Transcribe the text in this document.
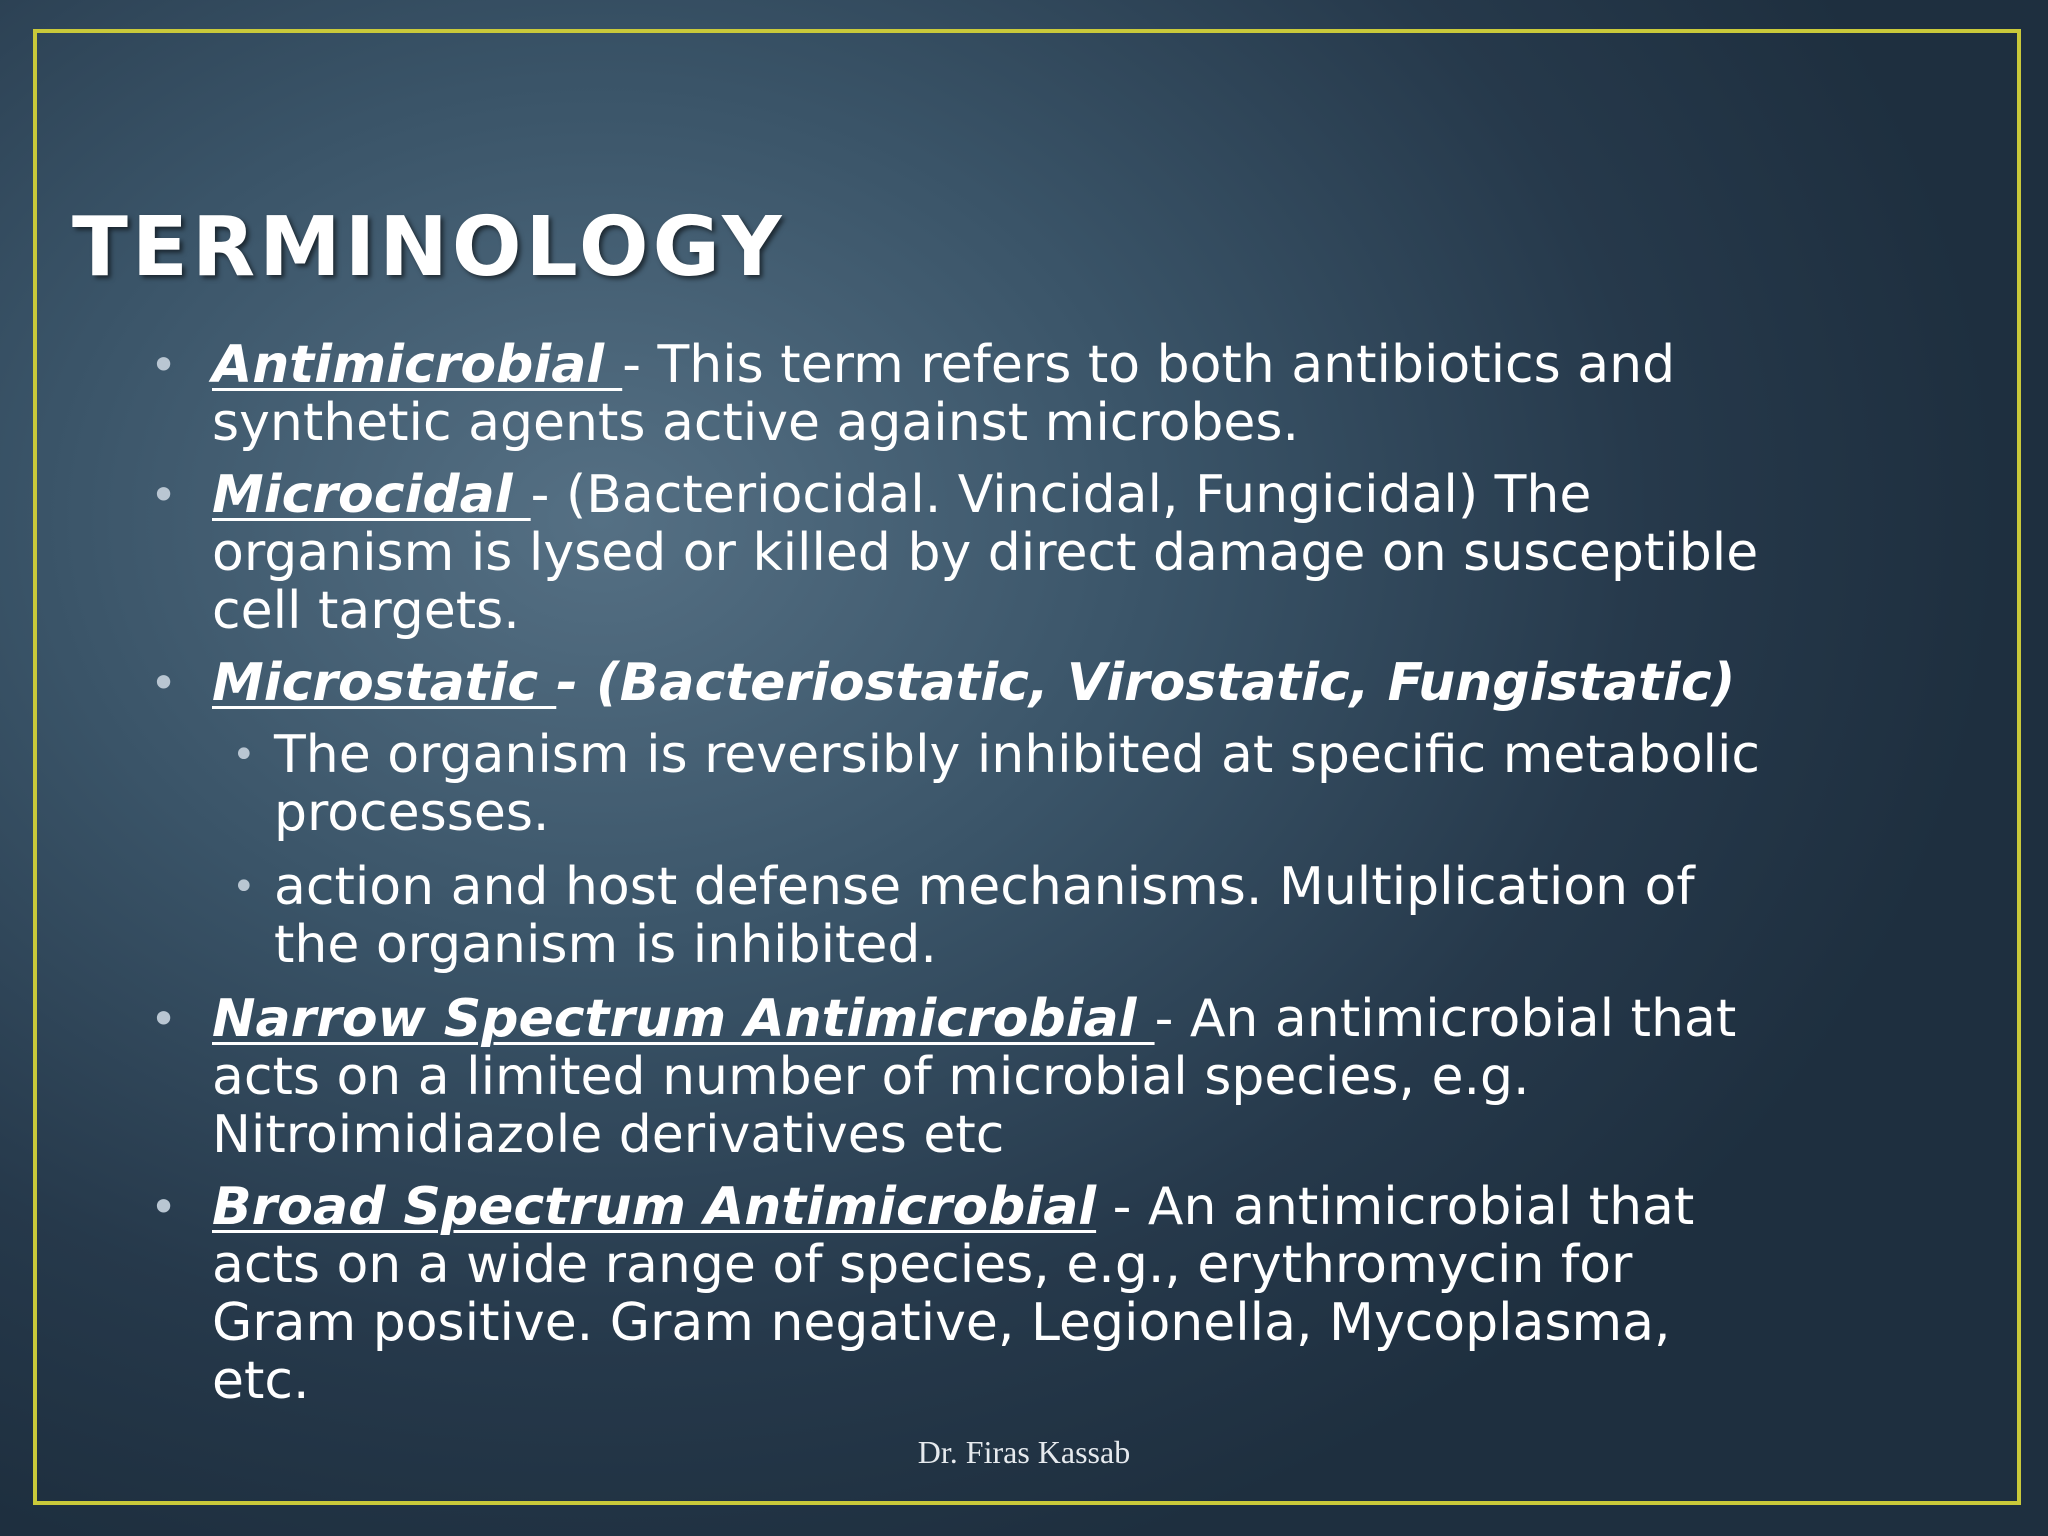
TERMINOLOGY
• Antimicrobial - This term refers to both antibiotics and synthetic agents active against microbes.
• Microcidal - (Bacteriocidal. Vincidal, Fungicidal) The organism is lysed or killed by direct damage on susceptible cell targets.
• Microstatic - (Bacteriostatic, Virostatic, Fungistatic)
• The organism is reversibly inhibited at specific metabolic processes.
• action and host defense mechanisms. Multiplication of the organism is inhibited.
• Narrow Spectrum Antimicrobial - An antimicrobial that acts on a limited number of microbial species, e.g. Nitroimidiazole derivatives etc
• Broad Spectrum Antimicrobial - An antimicrobial that acts on a wide range of species, e.g., erythromycin for Gram positive. Gram negative, Legionella, Mycoplasma, etc.
Dr. Firas Kassab
